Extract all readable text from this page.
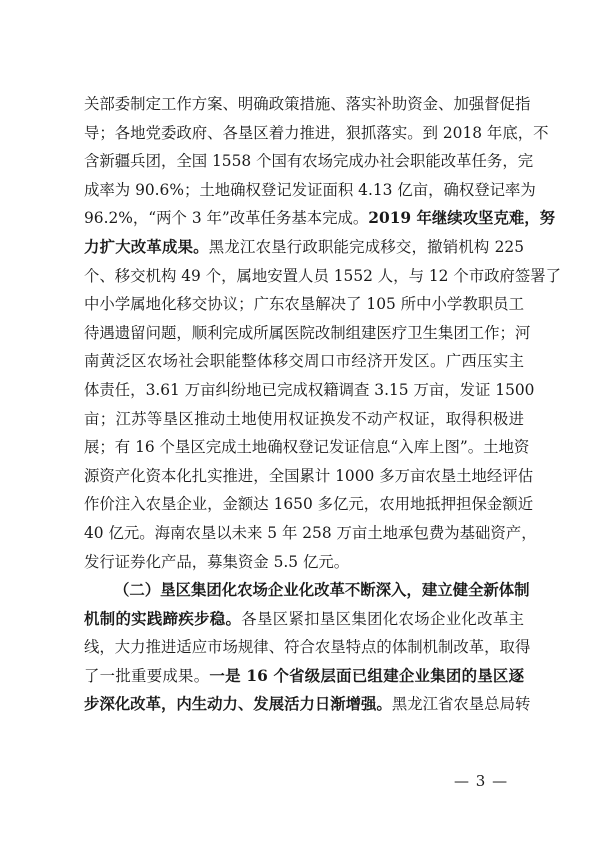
关部委制定工作方案、明确政策措施、落实补助资金、加强督促指
导；各地党委政府、各垦区着力推进，狠抓落实。到 2018 年底，不
含新疆兵团，全国 1558 个国有农场完成办社会职能改革任务，完
成率为 90.6%；土地确权登记发证面积 4.13 亿亩，确权登记率为
96.2%，“两个 3 年”改革任务基本完成。2019 年继续攻坚克难，努
力扩大改革成果。黑龙江农垦行政职能完成移交，撤销机构 225
个、移交机构 49 个，属地安置人员 1552 人，与 12 个市政府签署了
中小学属地化移交协议；广东农垦解决了 105 所中小学教职员工
待遇遗留问题，顺利完成所属医院改制组建医疗卫生集团工作；河
南黄泛区农场社会职能整体移交周口市经济开发区。广西压实主
体责任，3.61 万亩纠纷地已完成权籍调查 3.15 万亩，发证 1500
亩；江苏等垦区推动土地使用权证换发不动产权证，取得积极进
展；有 16 个垦区完成土地确权登记发证信息“入库上图”。土地资
源资产化资本化扎实推进，全国累计 1000 多万亩农垦土地经评估
作价注入农垦企业，金额达 1650 多亿元，农用地抵押担保金额近
40 亿元。海南农垦以未来 5 年 258 万亩土地承包费为基础资产，
发行证券化产品，募集资金 5.5 亿元。
（二）垦区集团化农场企业化改革不断深入，建立健全新体制
机制的实践蹄疾步稳。各垦区紧扣垦区集团化农场企业化改革主
线，大力推进适应市场规律、符合农垦特点的体制机制改革，取得
了一批重要成果。一是 16 个省级层面已组建企业集团的垦区逐
步深化改革，内生动力、发展活力日渐增强。黑龙江省农垦总局转
— 3 —
